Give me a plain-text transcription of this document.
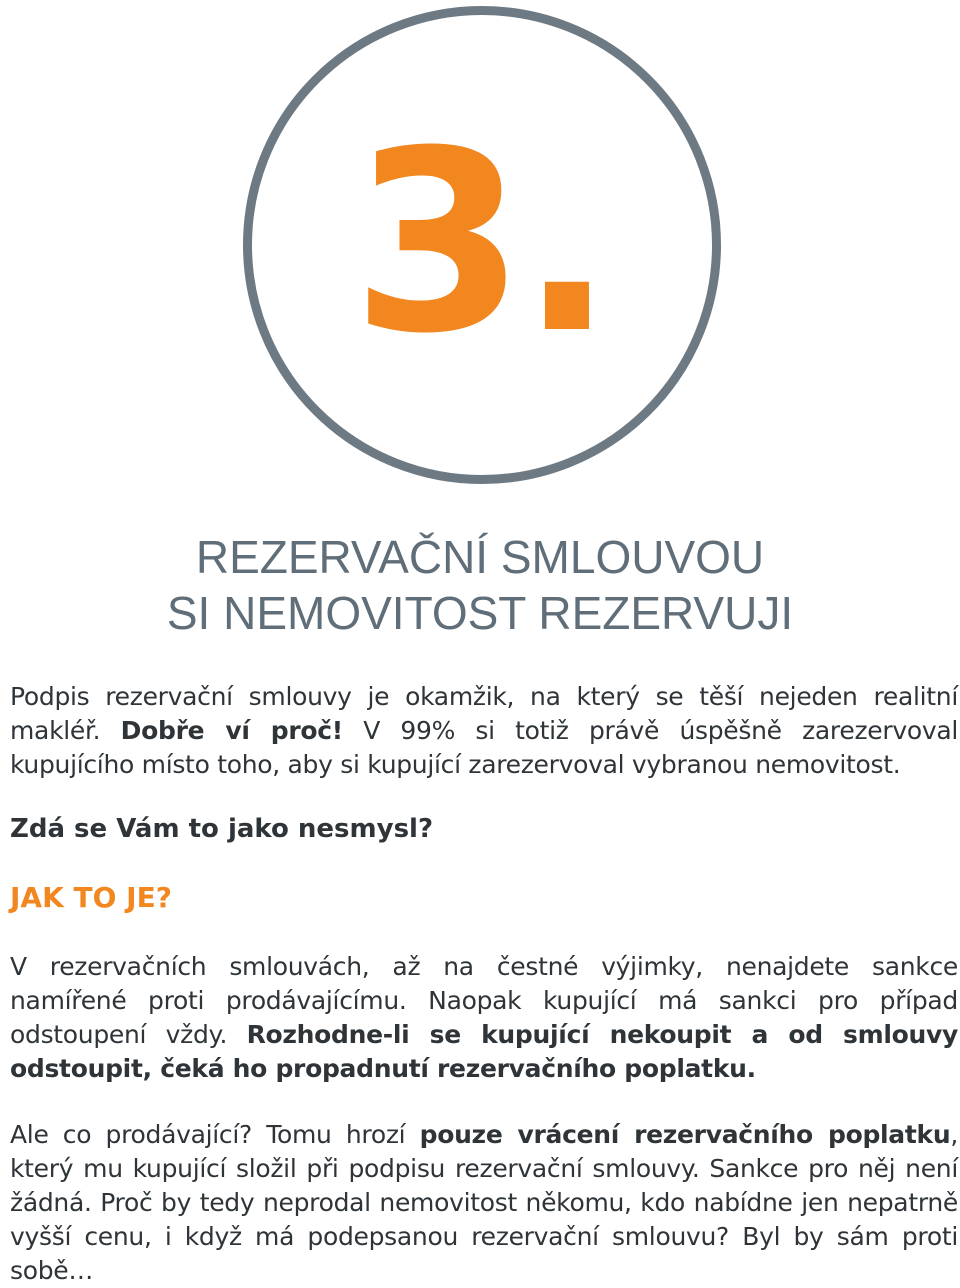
3.
REZERVAČNÍ SMLOUVOU
SI NEMOVITOST REZERVUJI

Podpis rezervační smlouvy je okamžik, na který se těší nejeden realitní makléř. Dobře ví proč! V 99% si totiž právě úspěšně zarezervoval kupujícího místo toho, aby si kupující zarezervoval vybranou nemovitost.

Zdá se Vám to jako nesmysl?

JAK TO JE?

V rezervačních smlouvách, až na čestné výjimky, nenajdete sankce namířené proti prodávajícímu. Naopak kupující má sankci pro případ odstoupení vždy. Rozhodne-li se kupující nekoupit a od smlouvy odstoupit, čeká ho propadnutí rezervačního poplatku.

Ale co prodávající? Tomu hrozí pouze vrácení rezervačního poplatku, který mu kupující složil při podpisu rezervační smlouvy. Sankce pro něj není žádná. Proč by tedy neprodal nemovitost někomu, kdo nabídne jen nepatrně vyšší cenu, i když má podepsanou rezervační smlouvu? Byl by sám proti sobě…
